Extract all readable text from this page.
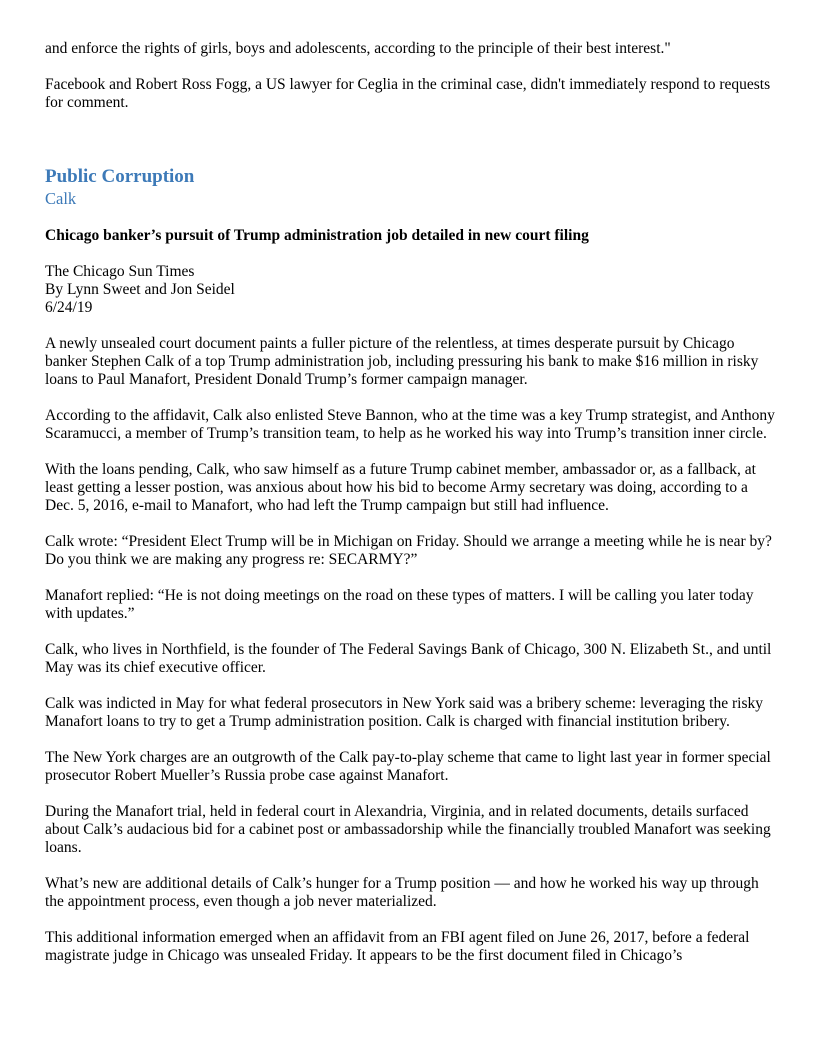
and enforce the rights of girls, boys and adolescents, according to the principle of their best interest."

Facebook and Robert Ross Fogg, a US lawyer for Ceglia in the criminal case, didn't immediately respond to requests for comment.

Public Corruption
Calk
Chicago banker’s pursuit of Trump administration job detailed in new court filing
The Chicago Sun Times
By Lynn Sweet and Jon Seidel
6/24/19

A newly unsealed court document paints a fuller picture of the relentless, at times desperate pursuit by Chicago banker Stephen Calk of a top Trump administration job, including pressuring his bank to make $16 million in risky loans to Paul Manafort, President Donald Trump’s former campaign manager.

According to the affidavit, Calk also enlisted Steve Bannon, who at the time was a key Trump strategist, and Anthony Scaramucci, a member of Trump’s transition team, to help as he worked his way into Trump’s transition inner circle.

With the loans pending, Calk, who saw himself as a future Trump cabinet member, ambassador or, as a fallback, at least getting a lesser postion, was anxious about how his bid to become Army secretary was doing, according to a Dec. 5, 2016, e-mail to Manafort, who had left the Trump campaign but still had influence.

Calk wrote: “President Elect Trump will be in Michigan on Friday. Should we arrange a meeting while he is near by? Do you think we are making any progress re: SECARMY?”

Manafort replied: “He is not doing meetings on the road on these types of matters. I will be calling you later today with updates.”

Calk, who lives in Northfield, is the founder of The Federal Savings Bank of Chicago, 300 N. Elizabeth St., and until May was its chief executive officer.

Calk was indicted in May for what federal prosecutors in New York said was a bribery scheme: leveraging the risky Manafort loans to try to get a Trump administration position. Calk is charged with financial institution bribery.

The New York charges are an outgrowth of the Calk pay-to-play scheme that came to light last year in former special prosecutor Robert Mueller’s Russia probe case against Manafort.

During the Manafort trial, held in federal court in Alexandria, Virginia, and in related documents, details surfaced about Calk’s audacious bid for a cabinet post or ambassadorship while the financially troubled Manafort was seeking loans.

What’s new are additional details of Calk’s hunger for a Trump position — and how he worked his way up through the appointment process, even though a job never materialized.

This additional information emerged when an affidavit from an FBI agent filed on June 26, 2017, before a federal magistrate judge in Chicago was unsealed Friday. It appears to be the first document filed in Chicago’s
